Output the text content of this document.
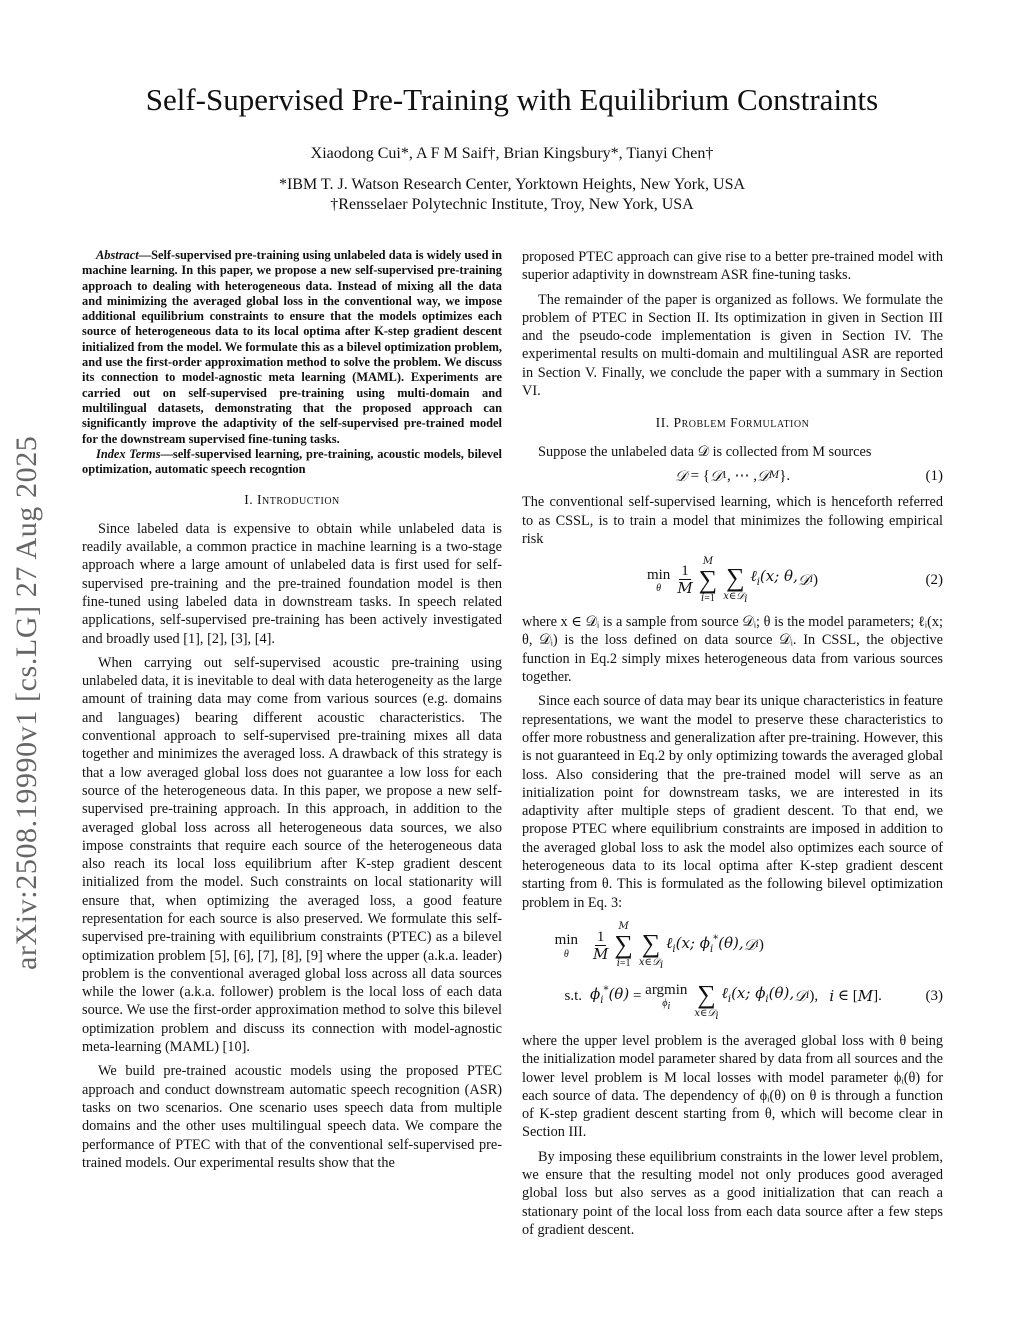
arXiv:2508.19990v1 [cs.LG] 27 Aug 2025
Self-Supervised Pre-Training with Equilibrium Constraints
Xiaodong Cui*, A F M Saif†, Brian Kingsbury*, Tianyi Chen†
*IBM T. J. Watson Research Center, Yorktown Heights, New York, USA
†Rensselaer Polytechnic Institute, Troy, New York, USA

Abstract—Self-supervised pre-training using unlabeled data is widely used in machine learning. In this paper, we propose a new self-supervised pre-training approach to dealing with heterogeneous data. Instead of mixing all the data and minimizing the averaged global loss in the conventional way, we impose additional equilibrium constraints to ensure that the models optimizes each source of heterogeneous data to its local optima after K-step gradient descent initialized from the model. We formulate this as a bilevel optimization problem, and use the first-order approximation method to solve the problem. We discuss its connection to model-agnostic meta learning (MAML). Experiments are carried out on self-supervised pre-training using multi-domain and multilingual datasets, demonstrating that the proposed approach can significantly improve the adaptivity of the self-supervised pre-trained model for the downstream supervised fine-tuning tasks.

Index Terms—self-supervised learning, pre-training, acoustic models, bilevel optimization, automatic speech recogntion

I. Introduction

Since labeled data is expensive to obtain while unlabeled data is readily available, a common practice in machine learning is a two-stage approach where a large amount of unlabeled data is first used for self-supervised pre-training and the pre-trained foundation model is then fine-tuned using labeled data in downstream tasks. In speech related applications, self-supervised pre-training has been actively investigated and broadly used [1], [2], [3], [4].

When carrying out self-supervised acoustic pre-training using unlabeled data, it is inevitable to deal with data heterogeneity as the large amount of training data may come from various sources (e.g. domains and languages) bearing different acoustic characteristics. The conventional approach to self-supervised pre-training mixes all data together and minimizes the averaged loss. A drawback of this strategy is that a low averaged global loss does not guarantee a low loss for each source of the heterogeneous data. In this paper, we propose a new self-supervised pre-training approach. In this approach, in addition to the averaged global loss across all heterogeneous data sources, we also impose constraints that require each source of the heterogeneous data also reach its local loss equilibrium after K-step gradient descent initialized from the model. Such constraints on local stationarity will ensure that, when optimizing the averaged loss, a good feature representation for each source is also preserved. We formulate this self-supervised pre-training with equilibrium constraints (PTEC) as a bilevel optimization problem [5], [6], [7], [8], [9] where the upper (a.k.a. leader) problem is the conventional averaged global loss across all data sources while the lower (a.k.a. follower) problem is the local loss of each data source. We use the first-order approximation method to solve this bilevel optimization problem and discuss its connection with model-agnostic meta-learning (MAML) [10].

We build pre-trained acoustic models using the proposed PTEC approach and conduct downstream automatic speech recognition (ASR) tasks on two scenarios. One scenario uses speech data from multiple domains and the other uses multilingual speech data. We compare the performance of PTEC with that of the conventional self-supervised pre-trained models. Our experimental results show that the

proposed PTEC approach can give rise to a better pre-trained model with superior adaptivity in downstream ASR fine-tuning tasks.

The remainder of the paper is organized as follows. We formulate the problem of PTEC in Section II. Its optimization in given in Section III and the pseudo-code implementation is given in Section IV. The experimental results on multi-domain and multilingual ASR are reported in Section V. Finally, we conclude the paper with a summary in Section VI.

II. Problem Formulation

Suppose the unlabeled data 𝒟 is collected from M sources

𝒟 = { 𝒟 1 , ⋯ , 𝒟 M }.	(1)

The conventional self-supervised learning, which is henceforth referred to as CSSL, is to train a model that minimizes the following empirical risk

min
θ $\frac{1}{M}$
M
∑
i=1

∑
x∈𝒟$_i$
ℓ$_i$(x; θ, 𝒟 i )	(2)

where x ∈ 𝒟ᵢ is a sample from source 𝒟ᵢ; θ is the model parameters; ℓᵢ(x; θ, 𝒟ᵢ) is the loss defined on data source 𝒟ᵢ. In CSSL, the objective function in Eq.2 simply mixes heterogeneous data from various sources together.

Since each source of data may bear its unique characteristics in feature representations, we want the model to preserve these characteristics to offer more robustness and generalization after pre-training. However, this is not guaranteed in Eq.2 by only optimizing towards the averaged global loss. Also considering that the pre-trained model will serve as an initialization point for downstream tasks, we are interested in its adaptivity after multiple steps of gradient descent. To that end, we propose PTEC where equilibrium constraints are imposed in addition to the averaged global loss to ask the model also optimizes each source of heterogeneous data to its local optima after K-step gradient descent starting from θ. This is formulated as the following bilevel optimization problem in Eq. 3:

min
θ $\frac{1}{M}$
M
∑
i=1

∑
x∈𝒟$_i$
ℓ$_i$(x; $\phi_i^*(\theta)$, 𝒟 i )
s.t. $\phi_i^*(\theta) = argmin$
$\phi_i$
∑
x∈𝒟$_i$
ℓ$_i$(x; $\phi_i(\theta)$, 𝒟 i ), i ∈ [ M ].	(3)

where the upper level problem is the averaged global loss with θ being the initialization model parameter shared by data from all sources and the lower level problem is M local losses with model parameter ϕᵢ(θ) for each source of data. The dependency of ϕᵢ(θ) on θ is through a function of K-step gradient descent starting from θ, which will become clear in Section III.

By imposing these equilibrium constraints in the lower level problem, we ensure that the resulting model not only produces good averaged global loss but also serves as a good initialization that can reach a stationary point of the local loss from each data source after a few steps of gradient descent.
